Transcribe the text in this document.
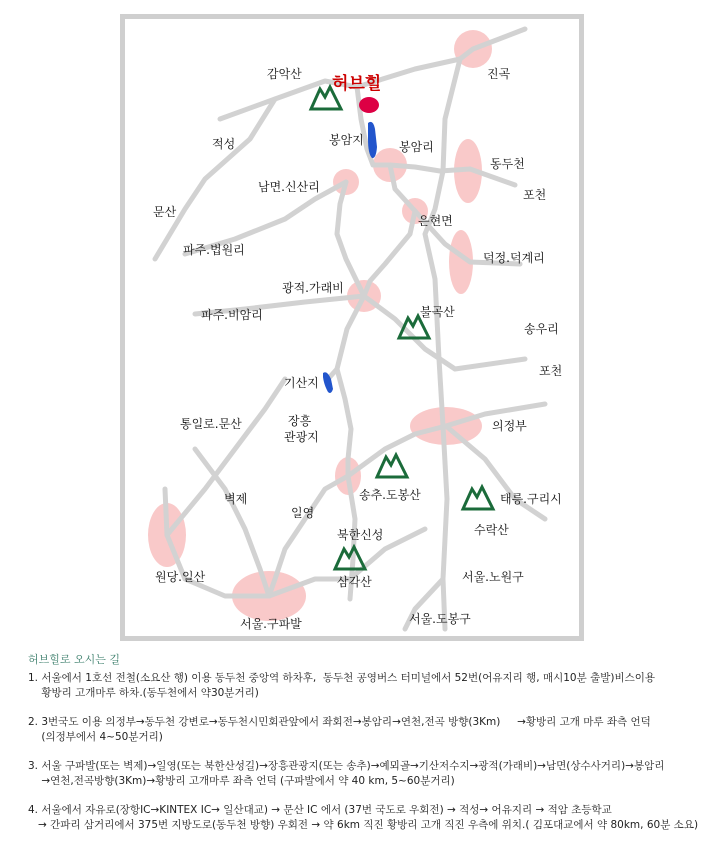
허브힐
감악산	진곡
적성	봉암지	봉암리
동두천
남면.신산리
포천
문산
은현면
파주.법원리
덕정.덕계리
광적.가래비
불곡산
파주.비암리
송우리
포천
기산지
통일로.문산	장흥
관광지
의정부
벽제	송추.도봉산	태릉.구리시
일영
북한신성	수락산
원당.일산	삼각산	서울.노원구
서울.구파발	서울.도봉구
허브힐로 오시는 길
1. 서울에서 1호선 전철(소요산 행) 이용 동두천 중앙역 하차후,  동두천 공영버스 터미널에서 52번(어유지리 행, 매시10분 출발)비스이용
황방리 고개마루 하차.(동두천에서 약30분거리)
2. 3번국도 이용 의정부→동두천 강변로→동두천시민회관앞에서 좌회전→봉암리→연천,전곡 방향(3Km)     →황방리 고개 마루 좌측 언덕
(의정부에서 4~50분거리)
3. 서울 구파발(또는 벽제)→일영(또는 북한산성길)→장흥관광지(또는 송추)→예뫼골→기산저수지→광적(가래비)→남면(상수사거리)→봉암리
→연천,전곡방향(3Km)→황방리 고개마루 좌측 언덕 (구파발에서 약 40 km, 5~60분거리)
4. 서울에서 자유로(장항IC→KINTEX IC→ 일산대교) → 문산 IC 에서 (37번 국도로 우회전) → 적성→ 어유지리 → 적암 초등학교
→ 간파리 삼거리에서 375번 지방도로(동두천 방향) 우회전 → 약 6km 직진 황방리 고개 직진 우측에 위치.( 김포대교에서 약 80km, 60분 소요)
